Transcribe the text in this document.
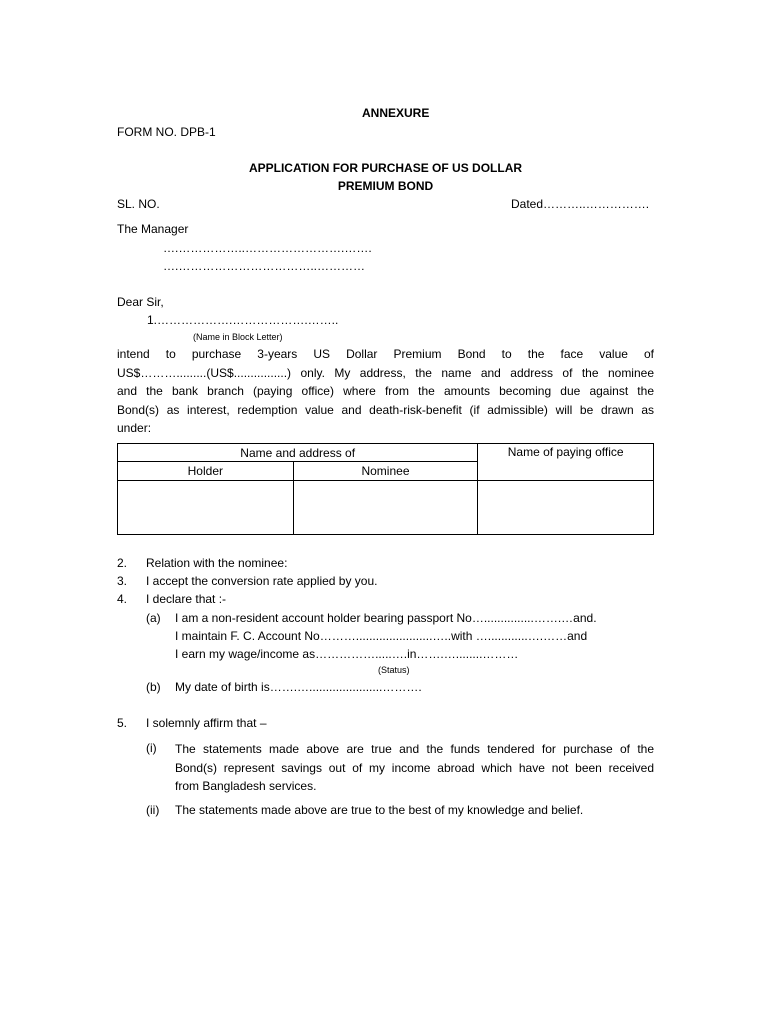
ANNEXURE
FORM NO. DPB-1
APPLICATION FOR PURCHASE OF US DOLLAR
PREMIUM BOND
SL. NO.	Dated………..…………….
The Manager
….……………..…………………….…….
….……………………………..…………
Dear Sir,
1.……………….……………….……..
(Name in Block Letter)
intend to purchase 3-years US Dollar Premium Bond to the face value of
US$……….........(US$................) only. My address, the name and address of the nominee
and the bank branch (paying office) where from the amounts becoming due against the
Bond(s) as interest, redemption value and death-risk-benefit (if admissible) will be drawn as
under:
Name and address of		Name of paying office
Holder	Nominee	

2. Relation with the nominee:
3. I accept the conversion rate applied by you.
4. I declare that :-
(a) I am a non-resident account holder bearing passport No…...............…….…and.
I maintain F. C. Account No……….......................…..with …............….……and
I earn my wage/income as…………….....….in…….…........………
(Status)
(b) My date of birth is…….…......................……….
5. I solemnly affirm that –
(i) The statements made above are true and the funds tendered for purchase of the
Bond(s) represent savings out of my income abroad which have not been received
from Bangladesh services.
(ii) The statements made above are true to the best of my knowledge and belief.
